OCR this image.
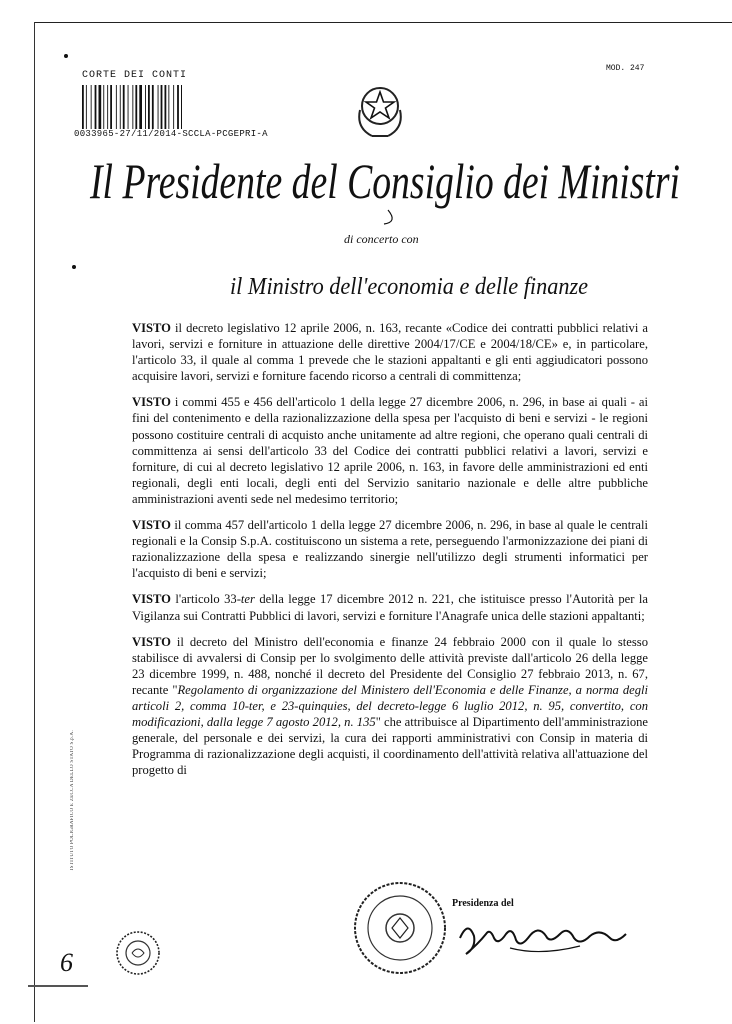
CORTE DEI CONTI
MOD. 247
0033965-27/11/2014-SCCLA-PCGEPRI-A
Il Presidente del Consiglio dei Ministri
di concerto con
il Ministro dell'economia e delle finanze

VISTO il decreto legislativo 12 aprile 2006, n. 163, recante «Codice dei contratti pubblici relativi a lavori, servizi e forniture in attuazione delle direttive 2004/17/CE e 2004/18/CE» e, in particolare, l'articolo 33, il quale al comma 1 prevede che le stazioni appaltanti e gli enti aggiudicatori possono acquisire lavori, servizi e forniture facendo ricorso a centrali di committenza;

VISTO i commi 455 e 456 dell'articolo 1 della legge 27 dicembre 2006, n. 296, in base ai quali - ai fini del contenimento e della razionalizzazione della spesa per l'acquisto di beni e servizi - le regioni possono costituire centrali di acquisto anche unitamente ad altre regioni, che operano quali centrali di committenza ai sensi dell'articolo 33 del Codice dei contratti pubblici relativi a lavori, servizi e forniture, di cui al decreto legislativo 12 aprile 2006, n. 163, in favore delle amministrazioni ed enti regionali, degli enti locali, degli enti del Servizio sanitario nazionale e delle altre pubbliche amministrazioni aventi sede nel medesimo territorio;

VISTO il comma 457 dell'articolo 1 della legge 27 dicembre 2006, n. 296, in base al quale le centrali regionali e la Consip S.p.A. costituiscono un sistema a rete, perseguendo l'armonizzazione dei piani di razionalizzazione della spesa e realizzando sinergie nell'utilizzo degli strumenti informatici per l'acquisto di beni e servizi;

VISTO l'articolo 33-ter della legge 17 dicembre 2012 n. 221, che istituisce presso l'Autorità per la Vigilanza sui Contratti Pubblici di lavori, servizi e forniture l'Anagrafe unica delle stazioni appaltanti;

VISTO il decreto del Ministro dell'economia e finanze 24 febbraio 2000 con il quale lo stesso stabilisce di avvalersi di Consip per lo svolgimento delle attività previste dall'articolo 26 della legge 23 dicembre 1999, n. 488, nonché il decreto del Presidente del Consiglio 27 febbraio 2013, n. 67, recante "Regolamento di organizzazione del Ministero dell'Economia e delle Finanze, a norma degli articoli 2, comma 10-ter, e 23-quinquies, del decreto-legge 6 luglio 2012, n. 95, convertito, con modificazioni, dalla legge 7 agosto 2012, n. 135" che attribuisce al Dipartimento dell'amministrazione generale, del personale e dei servizi, la cura dei rapporti amministrativi con Consip in materia di Programma di razionalizzazione degli acquisti, il coordinamento dell'attività relativa all'attuazione del progetto di

ISTITUTO POLIGRAFICO E ZECCA DELLO STATO S.p.A.
Presidenza del
6
